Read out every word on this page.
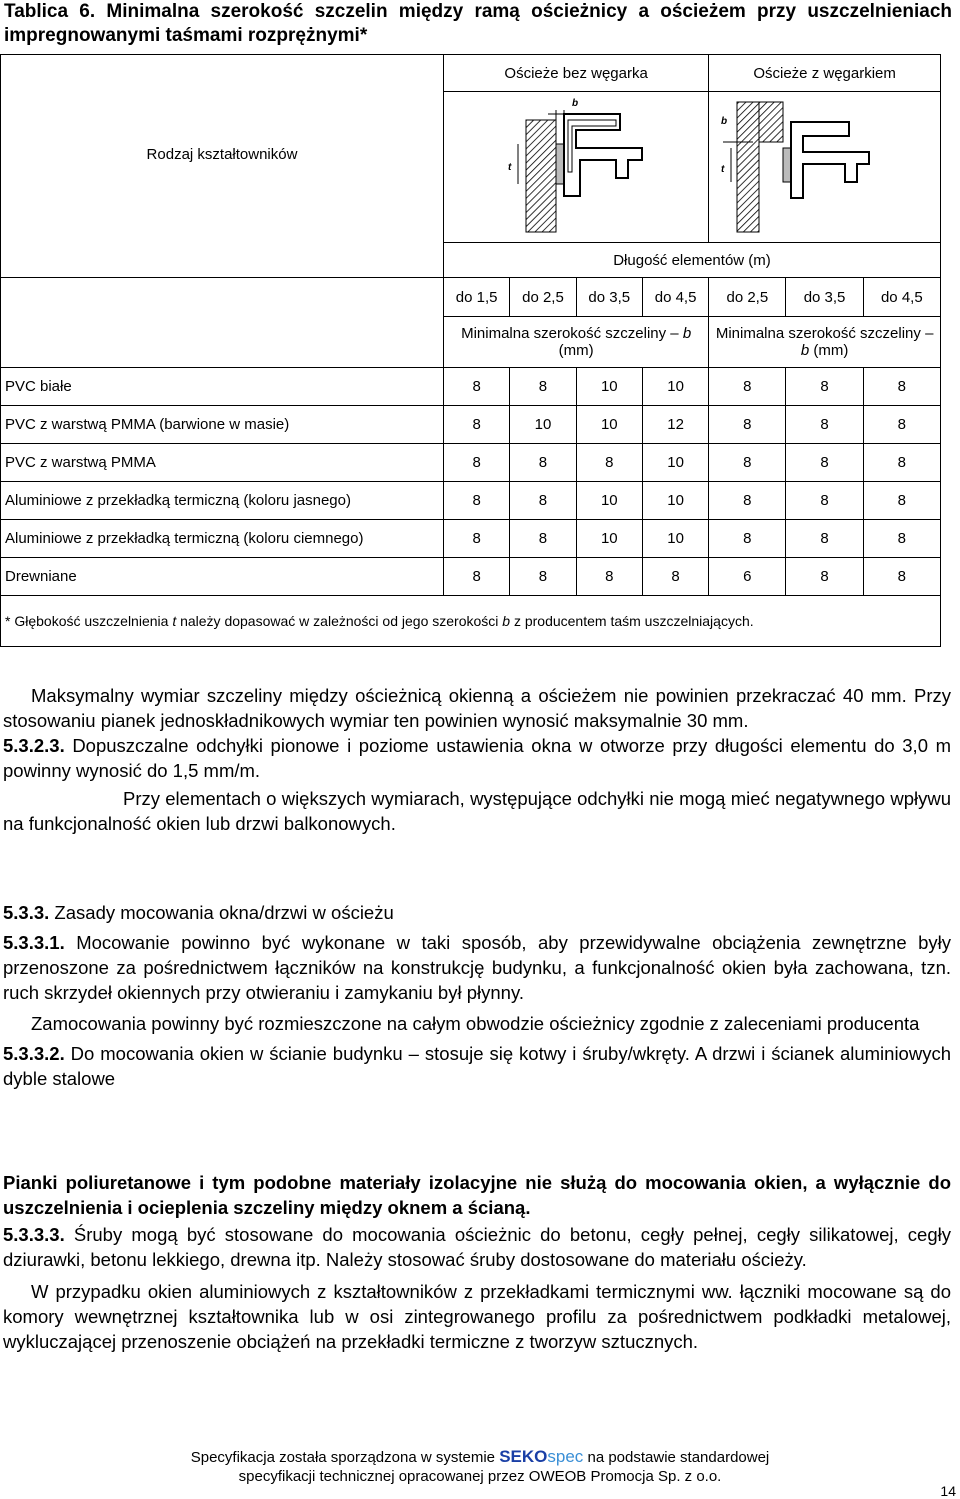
Tablica 6. Minimalna szerokość szczelin między ramą ościeżnicy a ościeżem przy uszczelnieniach impregnowanymi taśmami rozprężnymi*
Rodzaj kształtowników	Ościeże bez węgarka				Ościeże z węgarkiem		

b
t				b
t		

	Długość elementów (m)						
	do 1,5	do 2,5	do 3,5	do 4,5	do 2,5	do 3,5	do 4,5
	Minimalna szerokość szczeliny – b (mm)				Minimalna szerokość szczeliny – b (mm)		
PVC białe	8	8	10	10	8	8	8
PVC z warstwą PMMA (barwione w masie)	8	10	10	12	8	8	8
PVC z warstwą PMMA	8	8	8	10	8	8	8
Aluminiowe z przekładką termiczną (koloru jasnego)	8	8	10	10	8	8	8
Aluminiowe z przekładką termiczną (koloru ciemnego)	8	8	10	10	8	8	8
Drewniane	8	8	8	8	6	8	8
* Głębokość uszczelnienia t należy dopasować w zależności od jego szerokości b z producentem taśm uszczelniających.							

Maksymalny wymiar szczeliny między ościeżnicą okienną a ościeżem nie powinien przekraczać 40 mm. Przy stosowaniu pianek jednoskładnikowych wymiar ten powinien wynosić maksymalnie 30 mm.

5.3.2.3. Dopuszczalne odchyłki pionowe i poziome ustawienia okna w otworze przy długości elementu do 3,0 m powinny wynosić do 1,5 mm/m.

Przy elementach o większych wymiarach, występujące odchyłki nie mogą mieć negatywnego wpływu na funkcjonalność okien lub drzwi balkonowych.

5.3.3. Zasady mocowania okna/drzwi w ościeżu

5.3.3.1. Mocowanie powinno być wykonane w taki sposób, aby przewidywalne obciążenia zewnętrzne były przenoszone za pośrednictwem łączników na konstrukcję budynku, a funkcjonalność okien była zachowana, tzn. ruch skrzydeł okiennych przy otwieraniu i zamykaniu był płynny.

Zamocowania powinny być rozmieszczone na całym obwodzie ościeżnicy zgodnie z zaleceniami producenta

5.3.3.2. Do mocowania okien w ścianie budynku – stosuje się kotwy i śruby/wkręty. A drzwi i ścianek aluminiowych dyble stalowe

Pianki poliuretanowe i tym podobne materiały izolacyjne nie służą do mocowania okien, a wyłącznie do uszczelnienia i ocieplenia szczeliny między oknem a ścianą.

5.3.3.3. Śruby mogą być stosowane do mocowania ościeżnic do betonu, cegły pełnej, cegły silikatowej, cegły dziurawki, betonu lekkiego, drewna itp. Należy stosować śruby dostosowane do materiału ościeży.

W przypadku okien aluminiowych z kształtowników z przekładkami termicznymi ww. łączniki mocowane są do komory wewnętrznej kształtownika lub w osi zintegrowanego profilu za pośrednictwem podkładki metalowej, wykluczającej przenoszenie obciążeń na przekładki termiczne z tworzyw sztucznych.

Specyfikacja została sporządzona w systemie SEKOspec na podstawie standardowej
specyfikacji technicznej opracowanej przez OWEOB Promocja Sp. z o.o.
14
